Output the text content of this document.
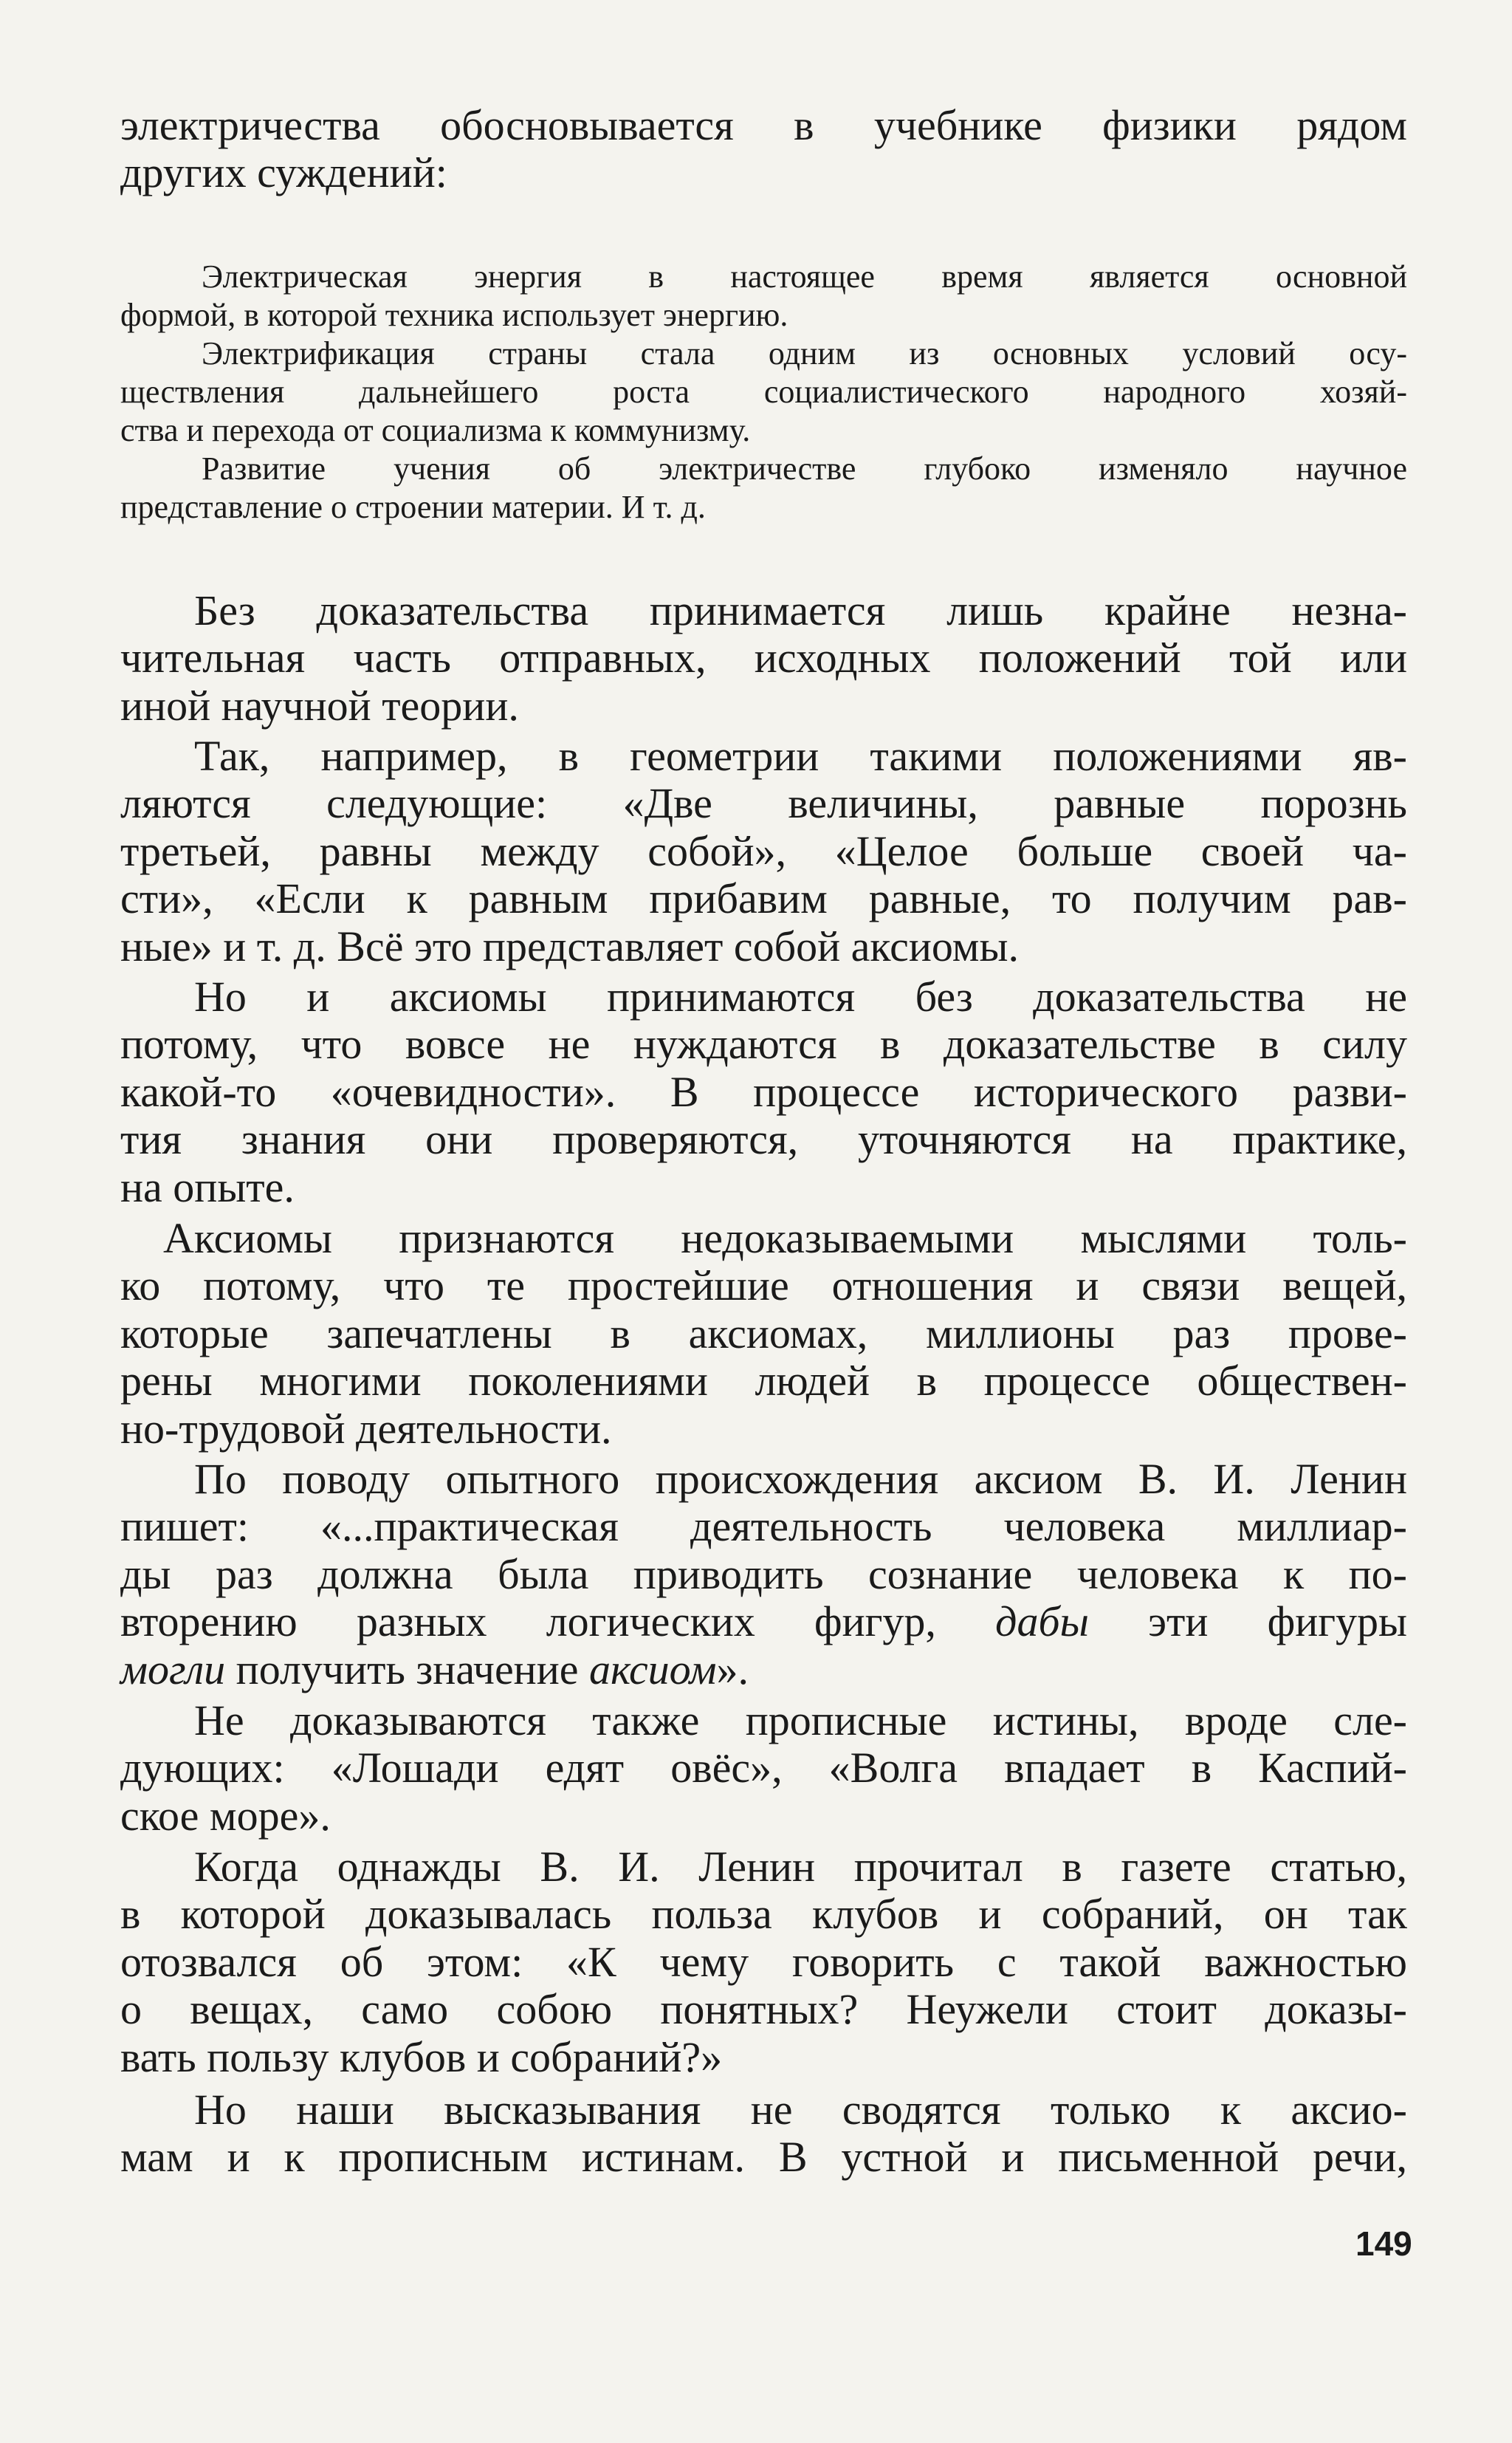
электричества обосновывается в учебнике физики рядом
других суждений:
Электрическая энергия в настоящее время является основной
формой, в которой техника использует энергию.
Электрификация страны стала одним из основных условий осу-
ществления дальнейшего роста социалистического народного хозяй-
ства и перехода от социализма к коммунизму.
Развитие учения об электричестве глубоко изменяло научное
представление о строении материи. И т. д.
Без доказательства принимается лишь крайне незна-
чительная часть отправных, исходных положений той или
иной научной теории.
Так, например, в геометрии такими положениями яв-
ляются следующие: «Две величины, равные порознь
третьей, равны между собой», «Целое больше своей ча-
сти», «Если к равным прибавим равные, то получим рав-
ные» и т. д. Всё это представляет собой аксиомы.
Но и аксиомы принимаются без доказательства не
потому, что вовсе не нуждаются в доказательстве в силу
какой-то «очевидности». В процессе исторического разви-
тия знания они проверяются, уточняются на практике,
на опыте.
Аксиомы признаются недоказываемыми мыслями толь-
ко потому, что те простейшие отношения и связи вещей,
которые запечатлены в аксиомах, миллионы раз прове-
рены многими поколениями людей в процессе обществен-
но-трудовой деятельности.
По поводу опытного происхождения аксиом В. И. Ленин
пишет: «...практическая деятельность человека миллиар-
ды раз должна была приводить сознание человека к по-
вторению разных логических фигур, дабы эти фигуры
могли получить значение аксиом».
Не доказываются также прописные истины, вроде сле-
дующих: «Лошади едят овёс», «Волга впадает в Каспий-
ское море».
Когда однажды В. И. Ленин прочитал в газете статью,
в которой доказывалась польза клубов и собраний, он так
отозвался об этом: «К чему говорить с такой важностью
о вещах, само собою понятных? Неужели стоит доказы-
вать пользу клубов и собраний?»
Но наши высказывания не сводятся только к аксио-
мам и к прописным истинам. В устной и письменной речи,
149
